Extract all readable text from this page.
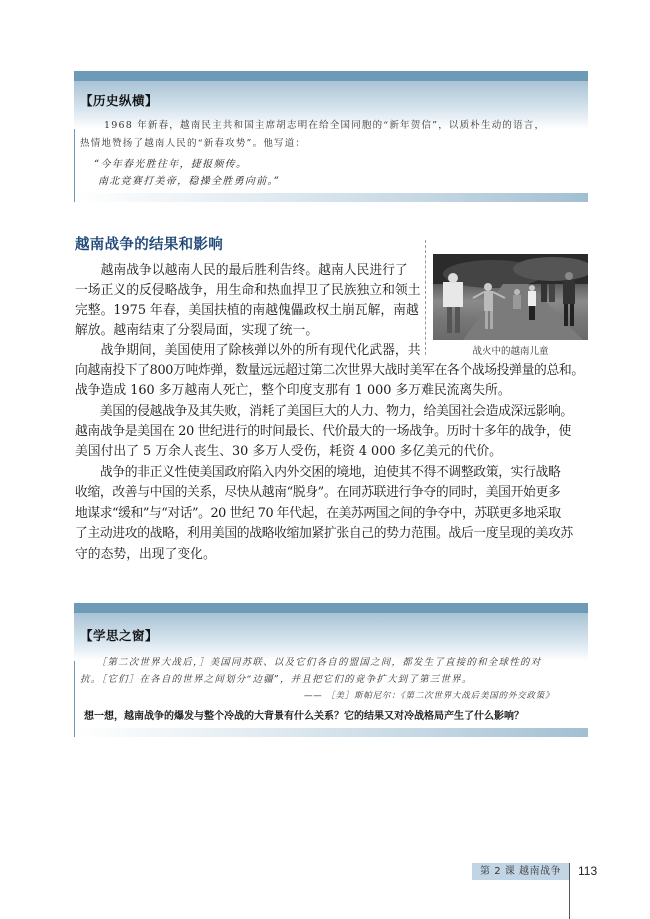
【历史纵横】
1968 年新春，越南民主共和国主席胡志明在给全国同胞的“新年贺信”，以质朴生动的语言，
热情地赞扬了越南人民的“新春攻势”。他写道：
“今年春光胜往年，捷报频传。
南北竞赛打美帝，稳操全胜勇向前。”
越南战争的结果和影响
　　越南战争以越南人民的最后胜利告终。越南人民进行了
一场正义的反侵略战争，用生命和热血捍卫了民族独立和领土
完整。1975 年春，美国扶植的南越傀儡政权土崩瓦解，南越
解放。越南结束了分裂局面，实现了统一。
　　战争期间，美国使用了除核弹以外的所有现代化武器，共
向越南投下了800万吨炸弹，数量远远超过第二次世界大战时美军在各个战场投弹量的总和。
战争造成 160 多万越南人死亡，整个印度支那有 1 000 多万难民流离失所。
　　美国的侵越战争及其失败，消耗了美国巨大的人力、物力，给美国社会造成深远影响。
越南战争是美国在 20 世纪进行的时间最长、代价最大的一场战争。历时十多年的战争，使
美国付出了 5 万余人丧生、30 多万人受伤，耗资 4 000 多亿美元的代价。
　　战争的非正义性使美国政府陷入内外交困的境地，迫使其不得不调整政策，实行战略
收缩，改善与中国的关系，尽快从越南“脱身”。在同苏联进行争夺的同时，美国开始更多
地谋求“缓和”与“对话”。20 世纪 70 年代起，在美苏两国之间的争夺中，苏联更多地采取
了主动进攻的战略，利用美国的战略收缩加紧扩张自己的势力范围。战后一度呈现的美攻苏
守的态势，出现了变化。
战火中的越南儿童
【学思之窗】
　　［第二次世界大战后，］美国同苏联、以及它们各自的盟国之间，都发生了直接的和全球性的对
抗。［它们］在各自的世界之间划分“边疆”，并且把它们的竞争扩大到了第三世界。
—— ［美］斯帕尼尔：《第二次世界大战后美国的外交政策》
想一想，越南战争的爆发与整个冷战的大背景有什么关系？它的结果又对冷战格局产生了什么影响？
第 2 课 越南战争	113
